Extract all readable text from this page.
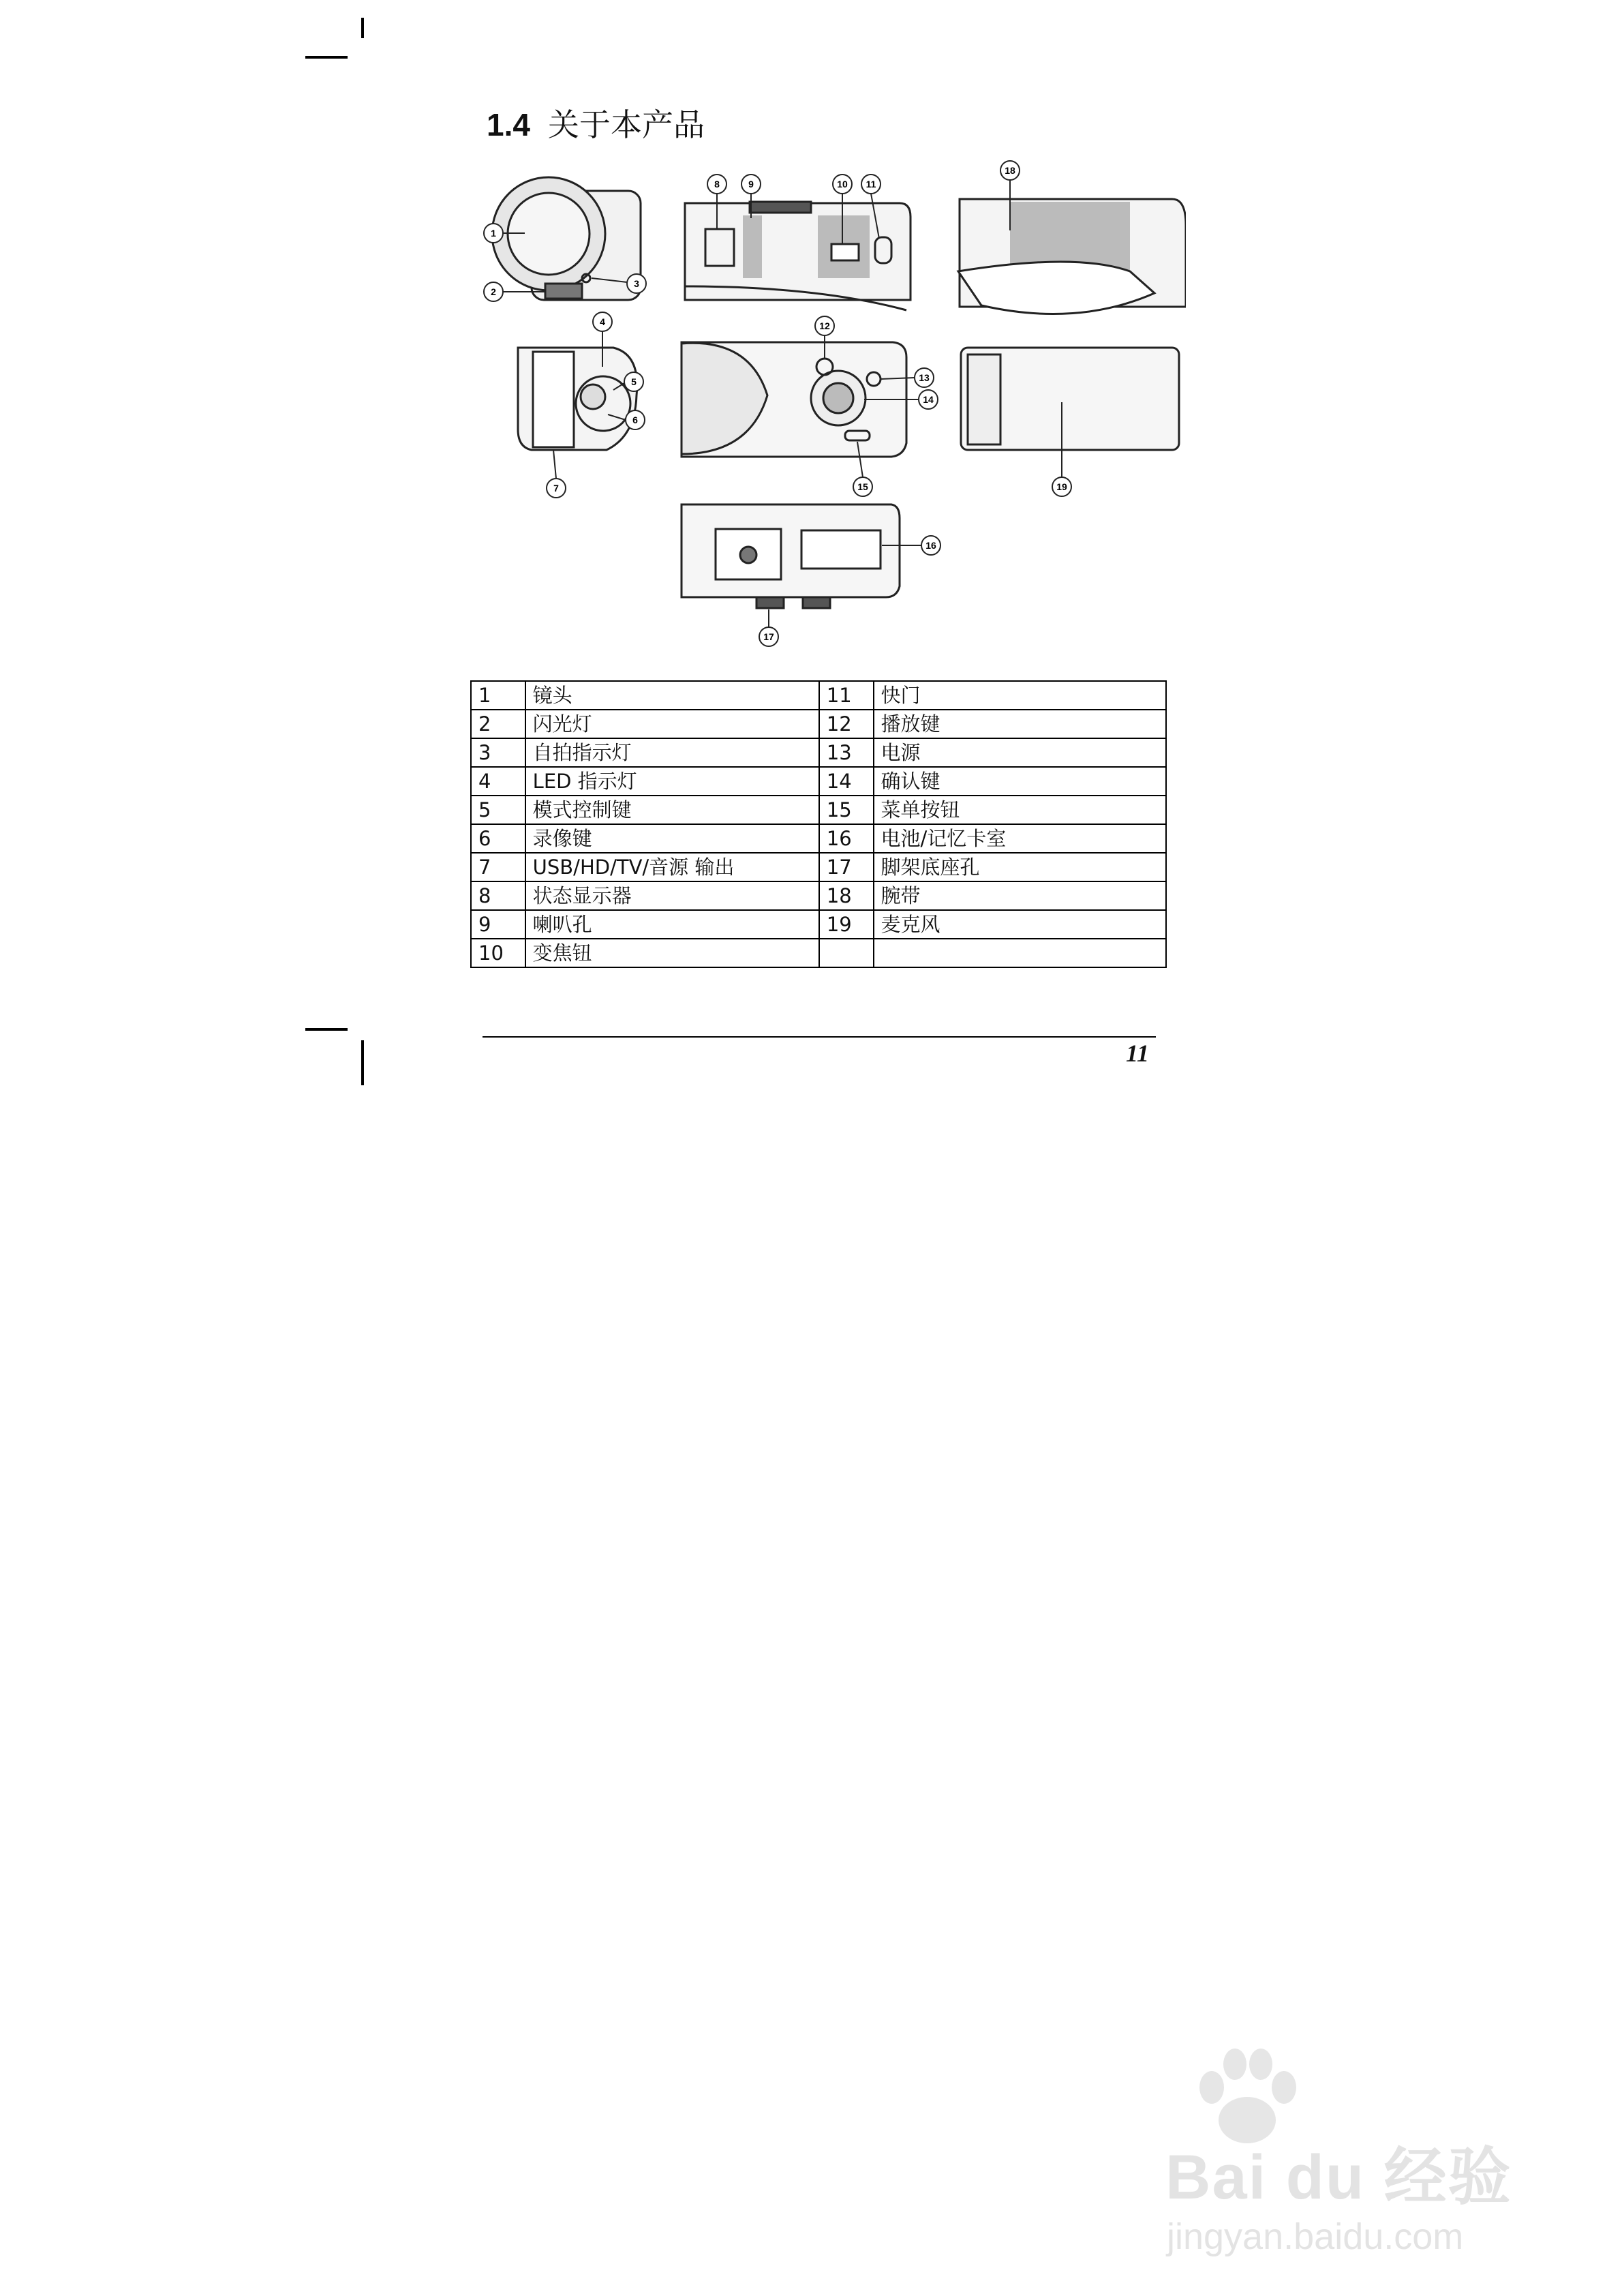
1.4 关于本产品
1
2
3
4
5
6
7
8	9	10 11
12
13
14
15
16
17
18
19
1	镜头	11	快门
2	闪光灯	12	播放键
3	自拍指示灯	13	电源
4	LED 指示灯	14	确认键
5	模式控制键	15	菜单按钮
6	录像键	16	电池/记忆卡室
7	USB/HD/TV/音源 输出	17	脚架底座孔
8	状态显示器	18	腕带
9	喇叭孔	19	麦克风
10	变焦钮		
11
Bai du 经验
jingyan.baidu.com
